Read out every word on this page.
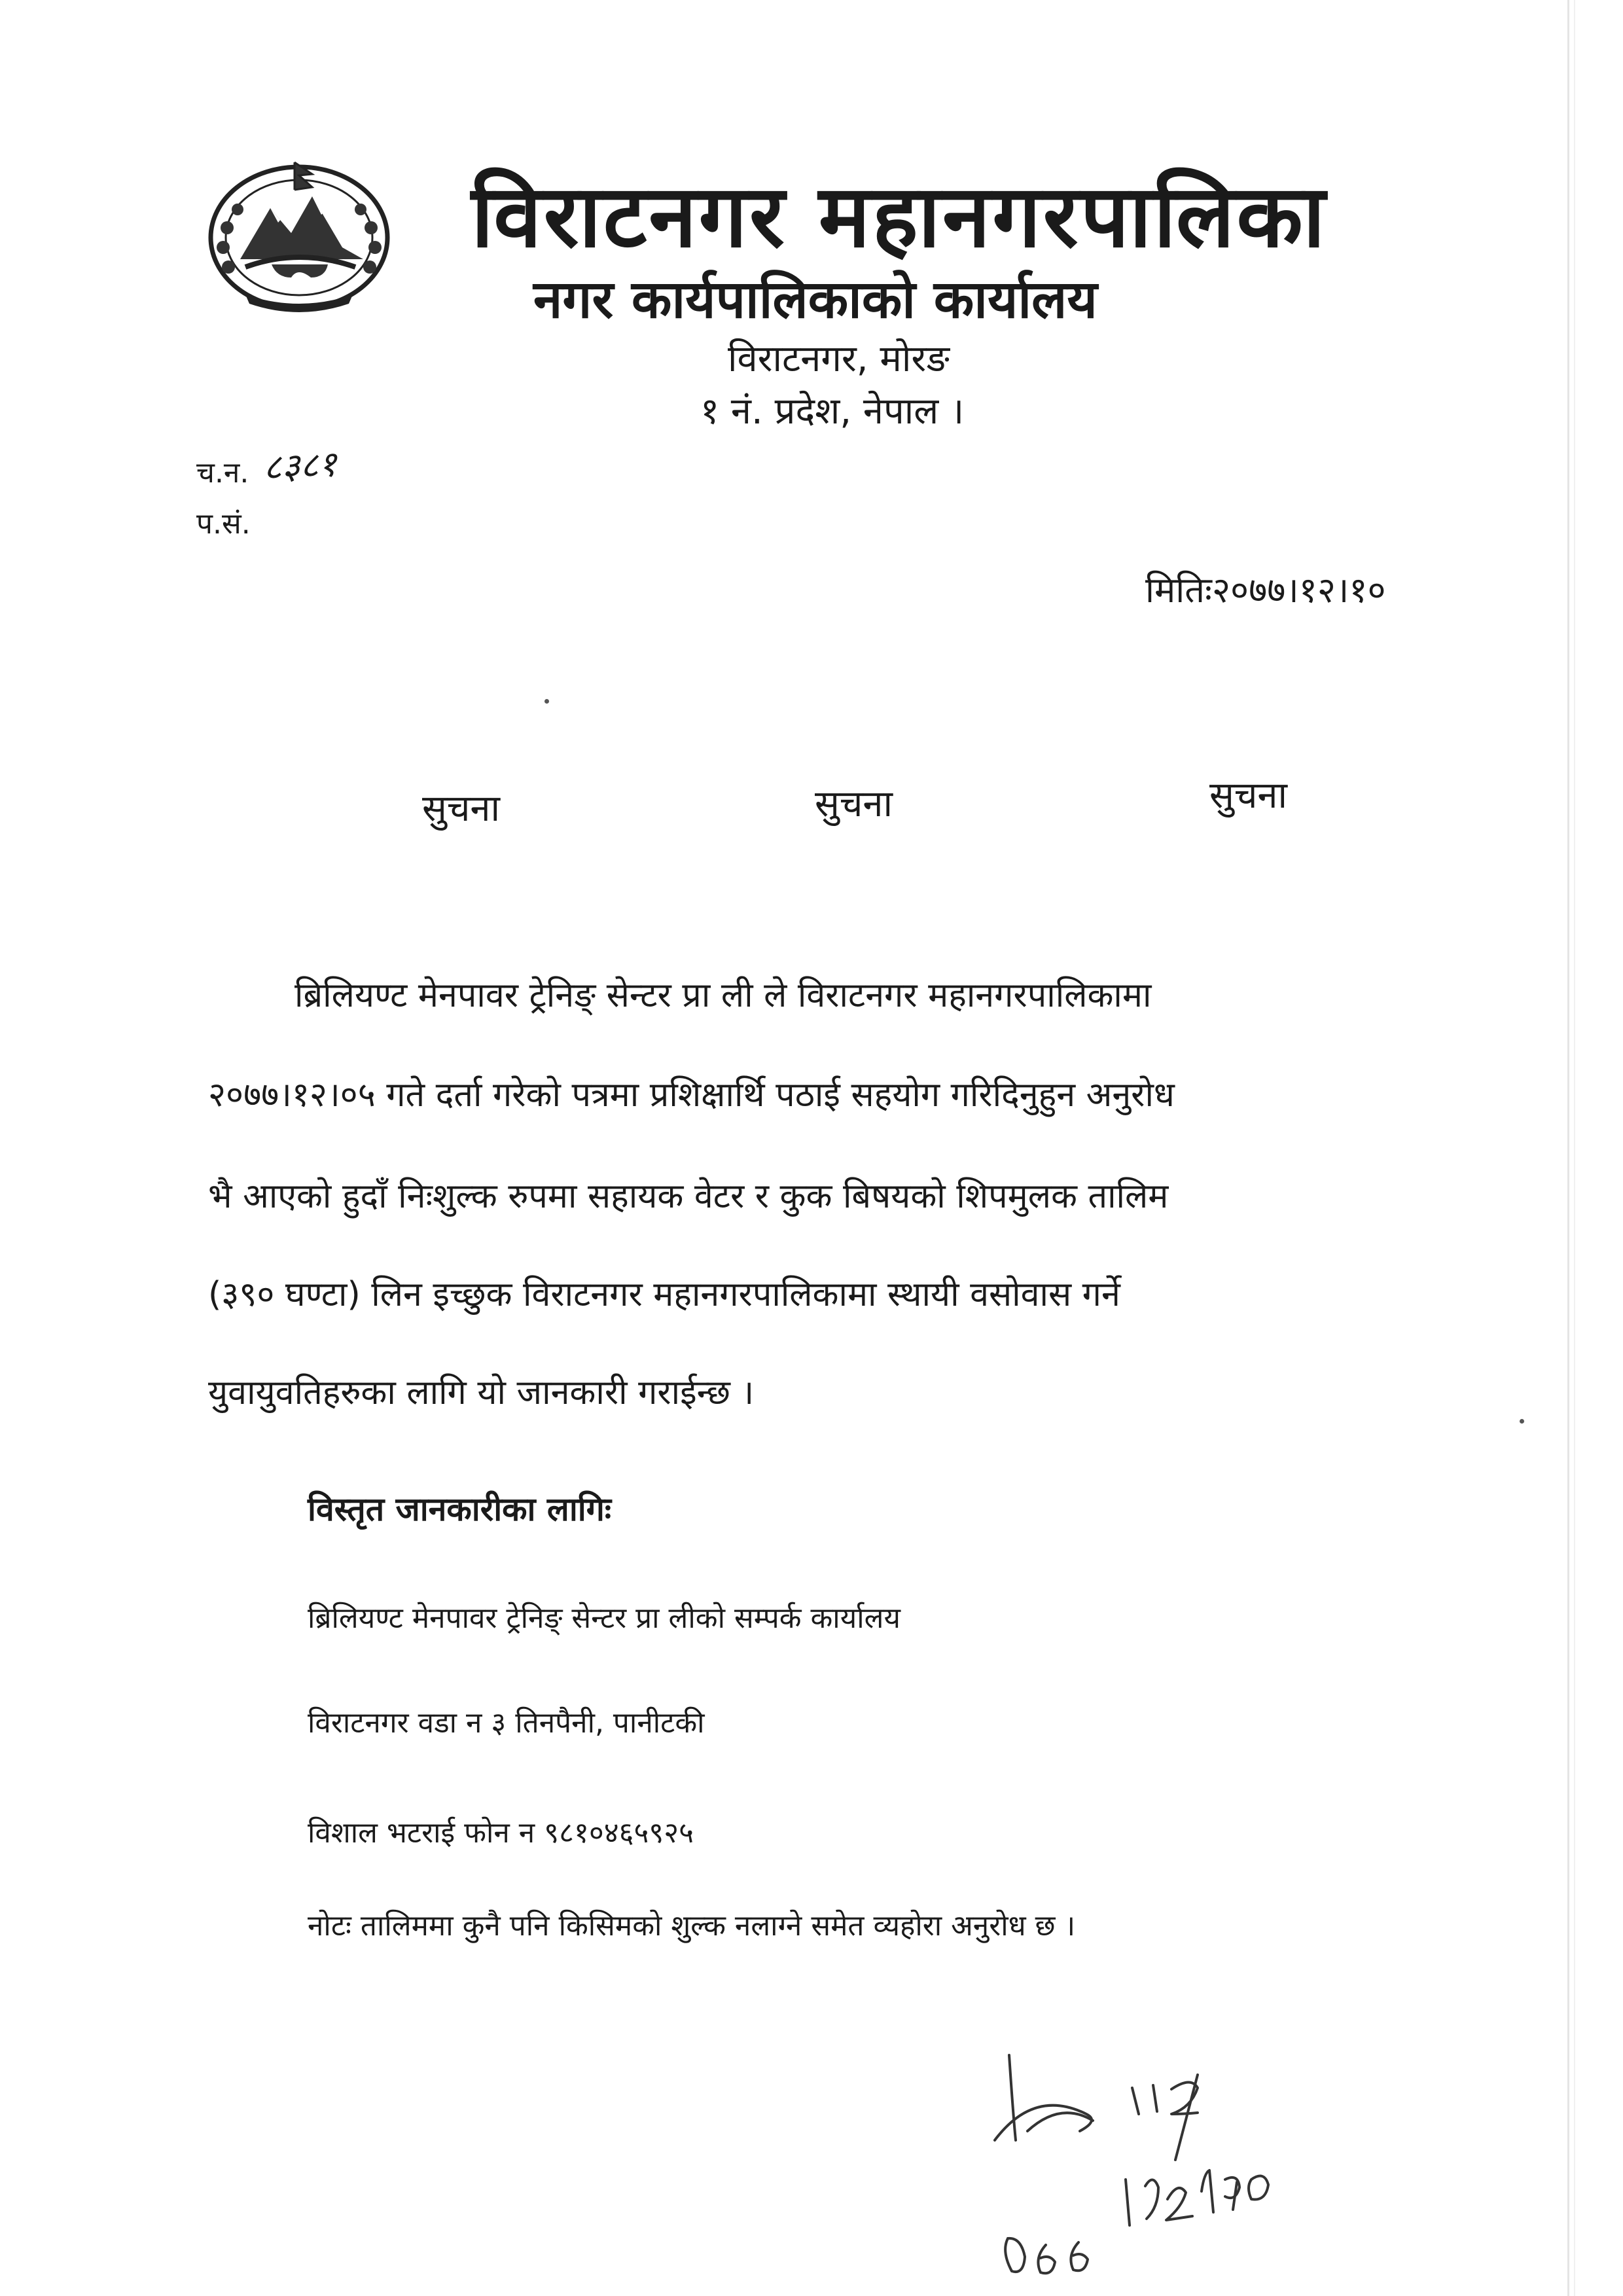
विराटनगर महानगरपालिका
नगर कार्यपालिकाको कार्यालय
विराटनगर, मोरङ
१ नं. प्रदेश, नेपाल ।
च.न. ८३८१
प.सं.
मितिः२०७७।१२।१०
सुचना	सुचना	सुचना
ब्रिलियण्ट मेनपावर ट्रेनिङ् सेन्टर प्रा ली ले विराटनगर महानगरपालिकामा
२०७७।१२।०५ गते दर्ता गरेको पत्रमा प्रशिक्षार्थि पठाई सहयोग गरिदिनुहुन अनुरोध
भै आएको हुदाँ निःशुल्क रुपमा सहायक वेटर र कुक बिषयको शिपमुलक तालिम
(३९० घण्टा) लिन इच्छुक विराटनगर महानगरपालिकामा स्थायी वसोवास गर्ने
युवायुवतिहरुका लागि यो जानकारी गराईन्छ ।
विस्तृत जानकारीका लागिः
ब्रिलियण्ट मेनपावर ट्रेनिङ् सेन्टर प्रा लीको सम्पर्क कार्यालय
विराटनगर वडा न ३ तिनपैनी, पानीटकी
विशाल भटराई फोन न ९८१०४६५९२५
नोटः तालिममा कुनै पनि किसिमको शुल्क नलाग्ने समेत व्यहोरा अनुरोध छ ।
